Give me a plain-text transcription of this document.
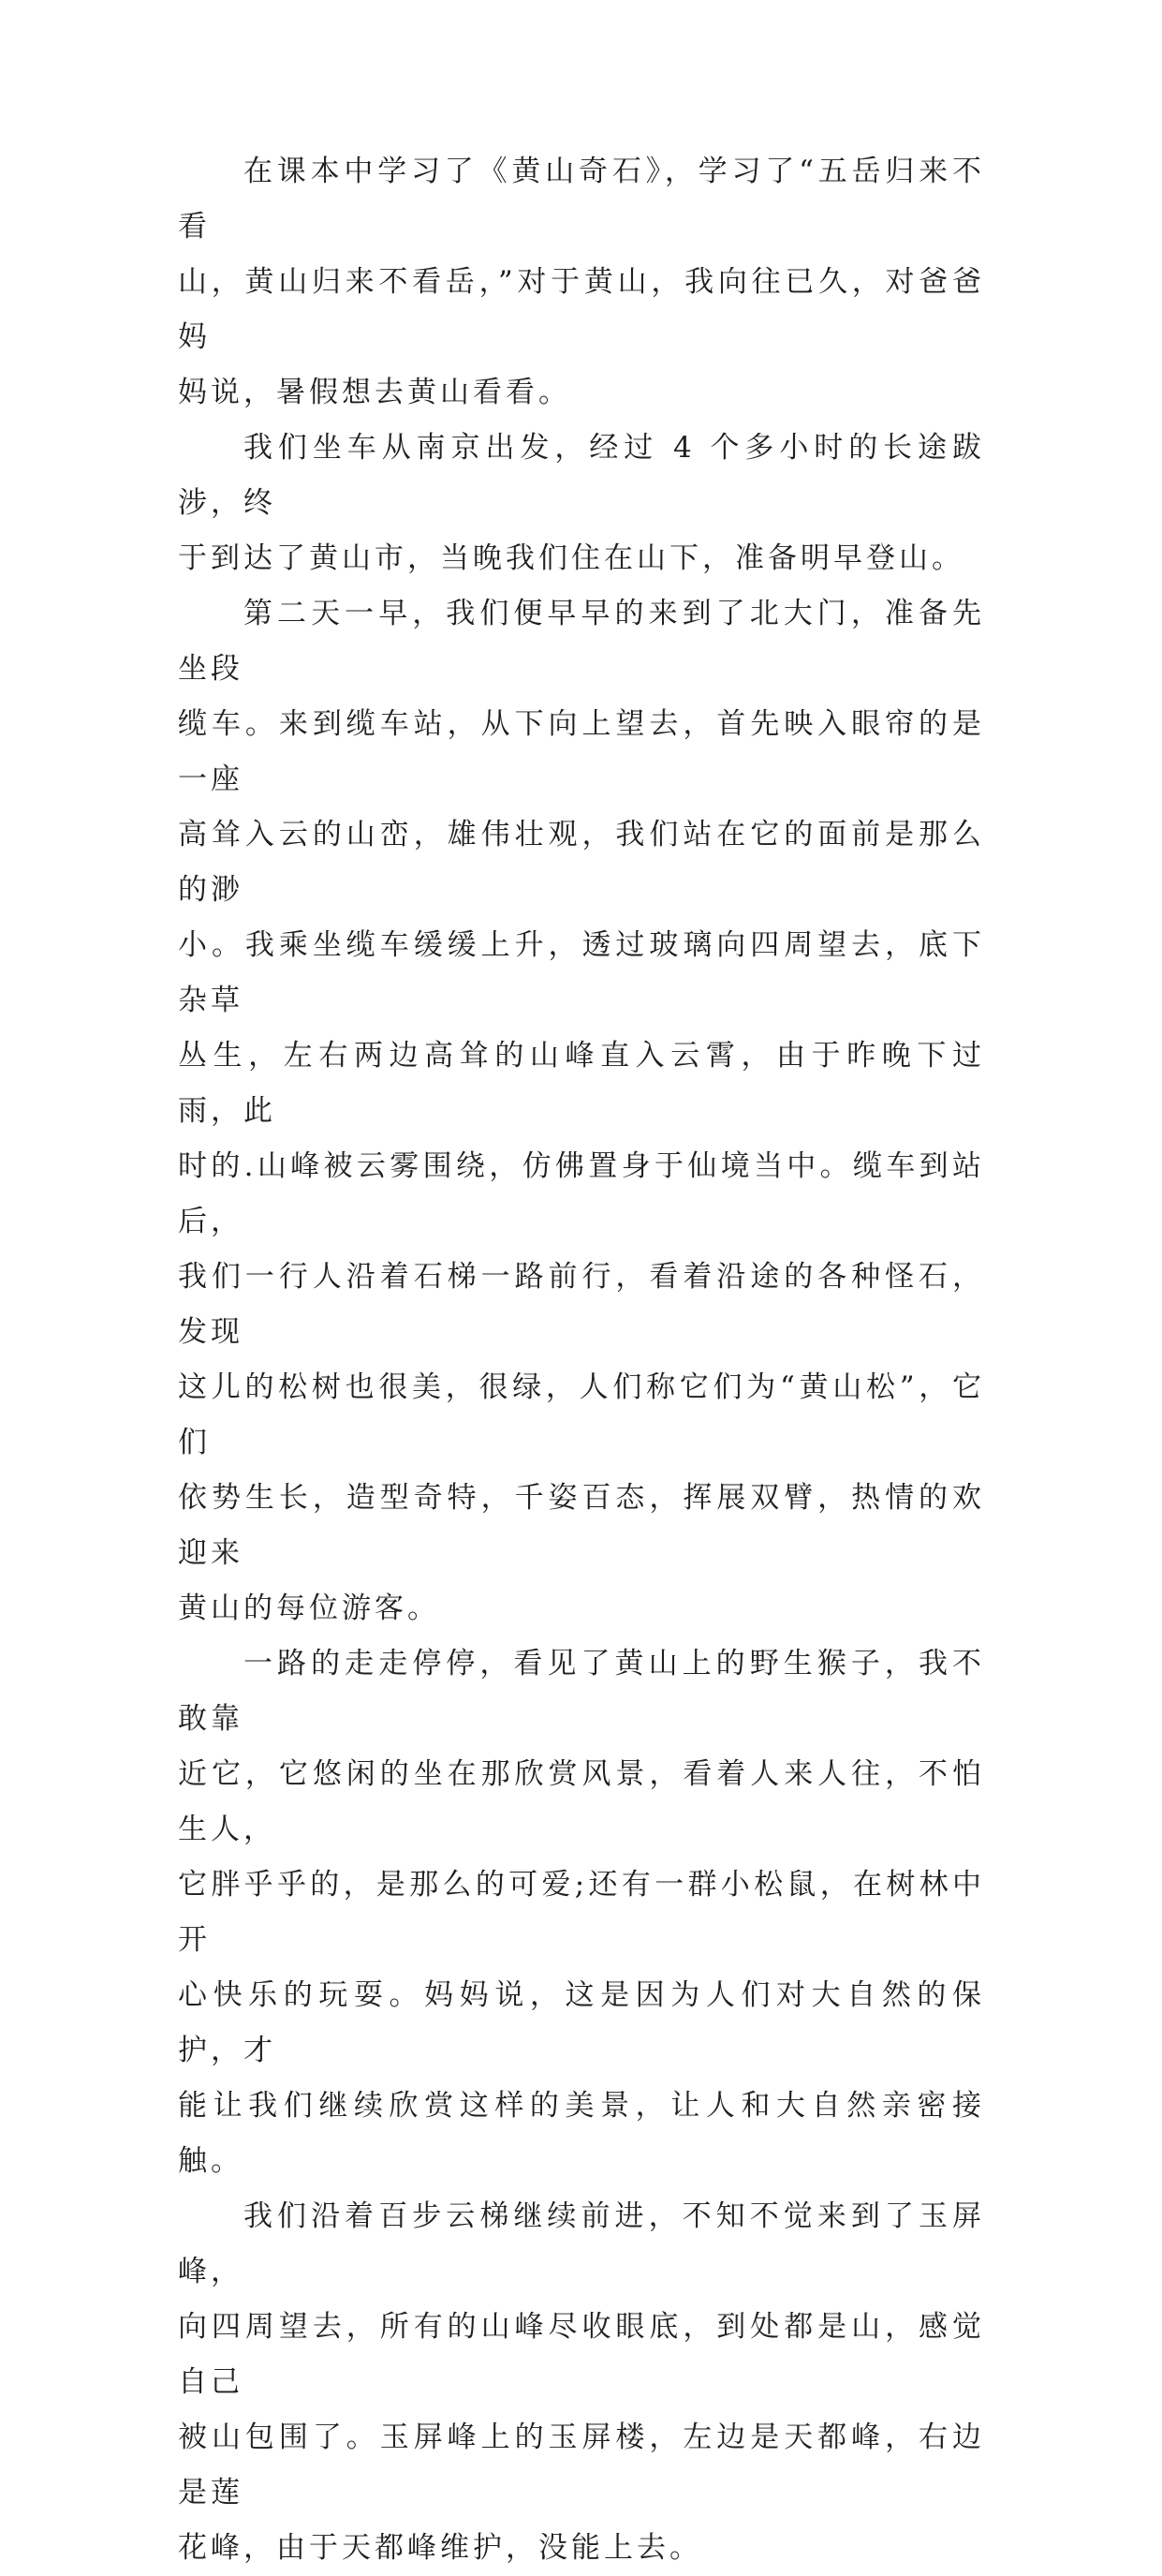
在课本中学习了《黄山奇石》，学习了“五岳归来不看
山，黄山归来不看岳，”对于黄山，我向往已久，对爸爸妈
妈说，暑假想去黄山看看。

我们坐车从南京出发，经过 4 个多小时的长途跋涉，终
于到达了黄山市，当晚我们住在山下，准备明早登山。

第二天一早，我们便早早的来到了北大门，准备先坐段
缆车。来到缆车站，从下向上望去，首先映入眼帘的是一座
高耸入云的山峦，雄伟壮观，我们站在它的面前是那么的渺
小。我乘坐缆车缓缓上升，透过玻璃向四周望去，底下杂草
丛生，左右两边高耸的山峰直入云霄，由于昨晚下过雨，此
时的.山峰被云雾围绕，仿佛置身于仙境当中。缆车到站后，
我们一行人沿着石梯一路前行，看着沿途的各种怪石，发现
这儿的松树也很美，很绿，人们称它们为“黄山松”，它们
依势生长，造型奇特，千姿百态，挥展双臂，热情的欢迎来
黄山的每位游客。

一路的走走停停，看见了黄山上的野生猴子，我不敢靠
近它，它悠闲的坐在那欣赏风景，看着人来人往，不怕生人，
它胖乎乎的，是那么的可爱;还有一群小松鼠，在树林中开
心快乐的玩耍。妈妈说，这是因为人们对大自然的保护，才
能让我们继续欣赏这样的美景，让人和大自然亲密接触。

我们沿着百步云梯继续前进，不知不觉来到了玉屏峰，
向四周望去，所有的山峰尽收眼底，到处都是山，感觉自己
被山包围了。玉屏峰上的玉屏楼，左边是天都峰，右边是莲
花峰，由于天都峰维护，没能上去。
